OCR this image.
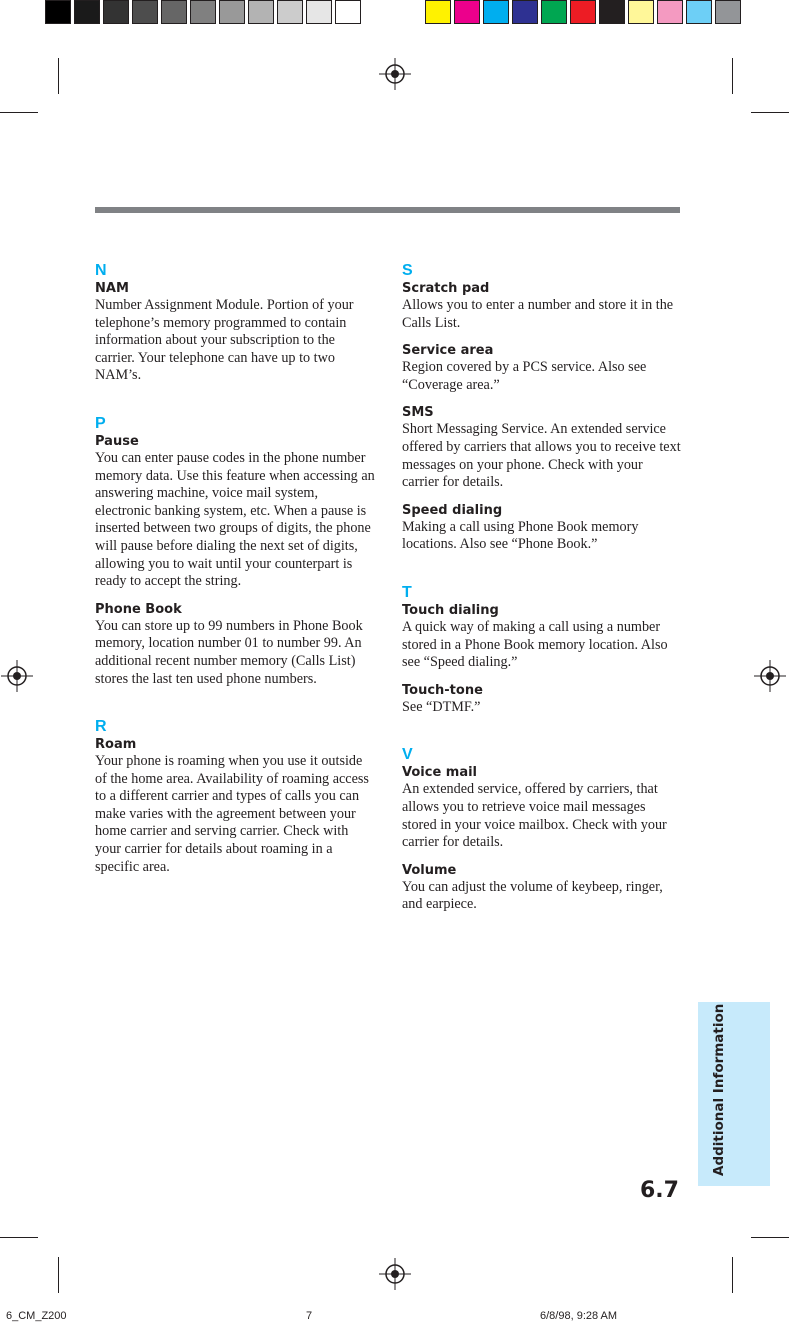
N
NAM

Number Assignment Module. Portion of your telephone’s memory programmed to contain information about your subscription to the carrier. Your telephone can have up to two NAM’s.

P
Pause

You can enter pause codes in the phone number memory data. Use this feature when accessing an answering machine, voice mail system, electronic banking system, etc. When a pause is inserted between two groups of digits, the phone will pause before dialing the next set of digits, allowing you to wait until your counterpart is ready to accept the string.

Phone Book

You can store up to 99 numbers in Phone Book memory, location number 01 to number 99. An additional recent number memory (Calls List) stores the last ten used phone numbers.

R
Roam

Your phone is roaming when you use it outside of the home area. Availability of roaming access to a different carrier and types of calls you can make varies with the agreement between your home carrier and serving carrier. Check with your carrier for details about roaming in a specific area.

S
Scratch pad

Allows you to enter a number and store it in the Calls List.

Service area

Region covered by a PCS service. Also see “Coverage area.”

SMS

Short Messaging Service. An extended service offered by carriers that allows you to receive text messages on your phone. Check with your carrier for details.

Speed dialing

Making a call using Phone Book memory locations. Also see “Phone Book.”

T
Touch dialing

A quick way of making a call using a number stored in a Phone Book memory location. Also see “Speed dialing.”

Touch-tone

See “DTMF.”

V
Voice mail

An extended service, offered by carriers, that allows you to retrieve voice mail messages stored in your voice mailbox. Check with your carrier for details.

Volume

You can adjust the volume of keybeep, ringer, and earpiece.

Additional Information
6.7
6_CM_Z200	7	6/8/98, 9:28 AM
